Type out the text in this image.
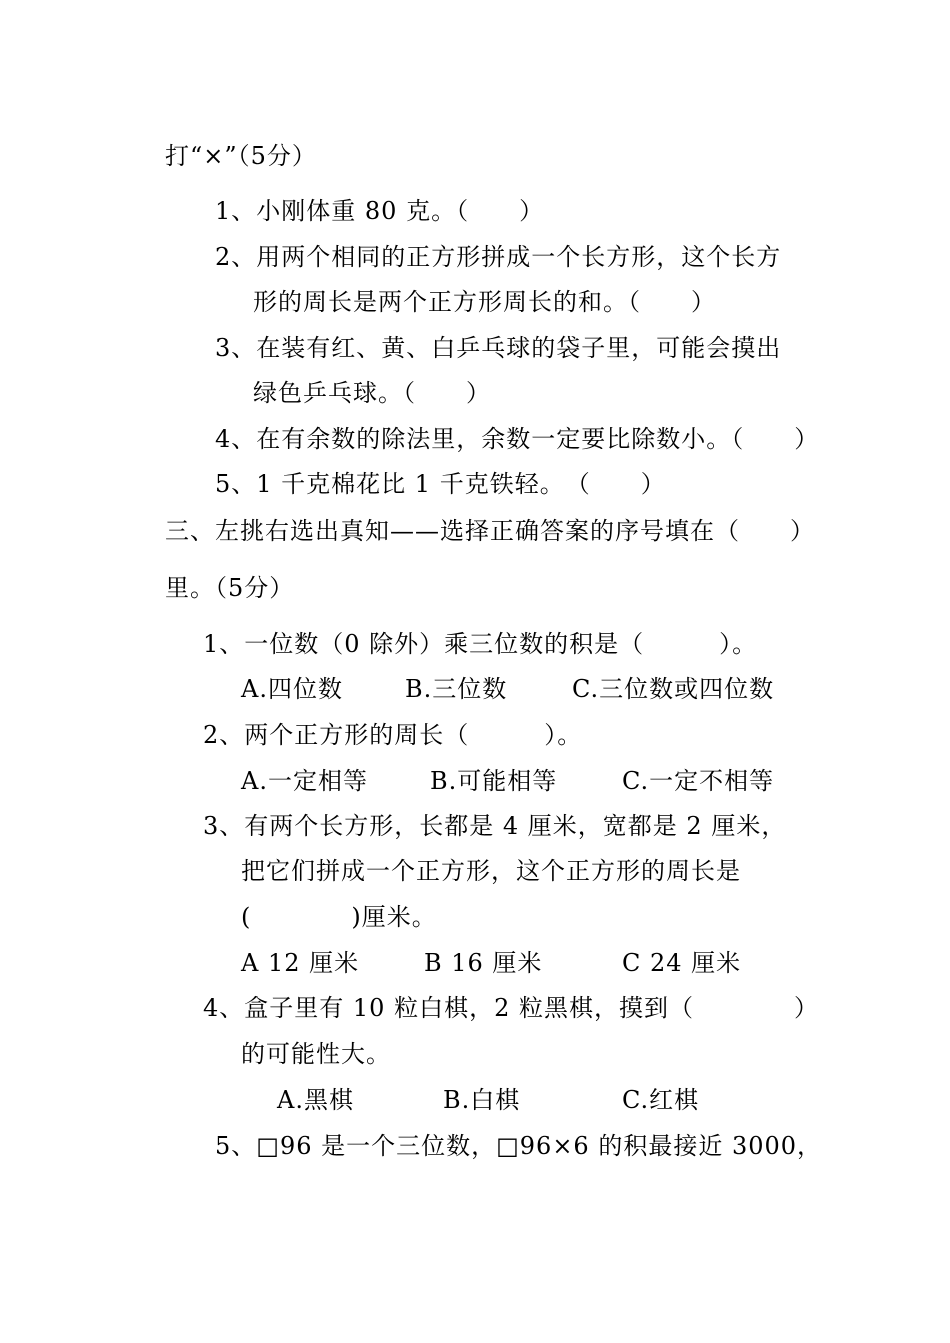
打“×”（5分）
1、小刚体重 80 克。（　　）
2、用两个相同的正方形拼成一个长方形，这个长方
形的周长是两个正方形周长的和。（　　）
3、在装有红、黄、白乒乓球的袋子里，可能会摸出
绿色乒乓球。（　　）
4、在有余数的除法里，余数一定要比除数小。（　　）
5、1 千克棉花比 1 千克铁轻。　（　　）
三、左挑右选出真知——选择正确答案的序号填在（　　）
里。（5分）
1、一位数（0 除外）乘三位数的积是（　　　）。
A.四位数	B.三位数	C.三位数或四位数
2、两个正方形的周长（　　　）。
A.一定相等	B.可能相等	C.一定不相等
3、有两个长方形，长都是 4 厘米，宽都是 2 厘米，
把它们拼成一个正方形，这个正方形的周长是
(　　　　)厘米。
A 12 厘米	B 16 厘米	C 24 厘米
4、盒子里有 10 粒白棋，2 粒黑棋，摸到（　　　　）
的可能性大。
A.黑棋	B.白棋	C.红棋
5、□96 是一个三位数，□96×6 的积最接近 3000，
